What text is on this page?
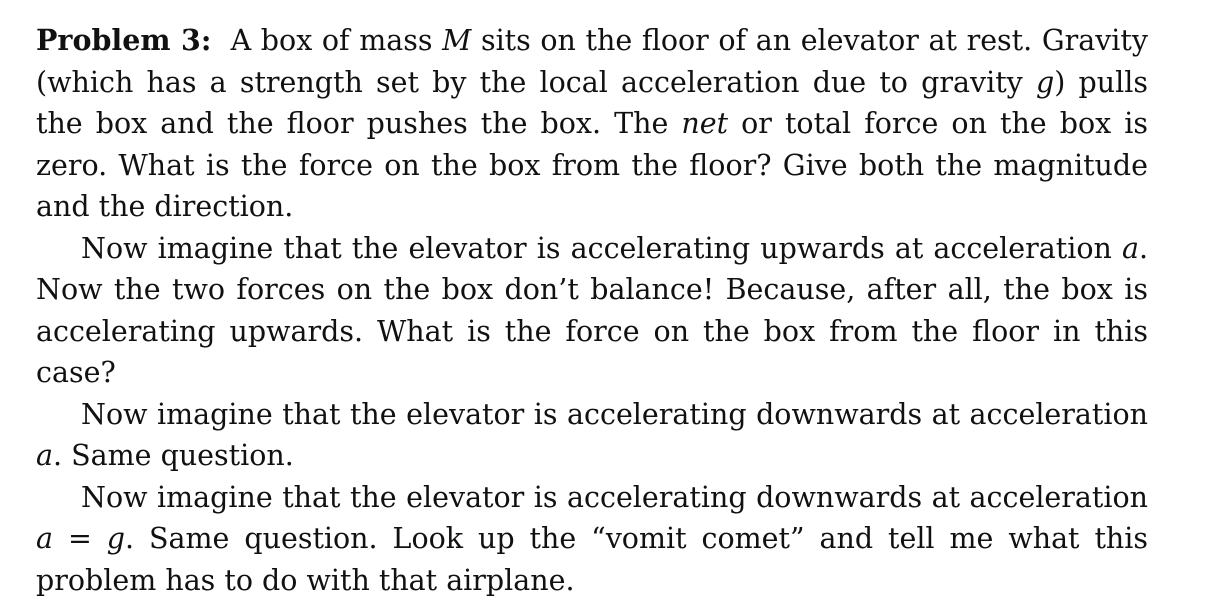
Problem 3: A box of mass M sits on the floor of an elevator at rest. Gravity (which has a strength set by the local acceleration due to gravity g) pulls the box and the floor pushes the box. The net or total force on the box is zero. What is the force on the box from the floor? Give both the magnitude and the direction.

Now imagine that the elevator is accelerating upwards at acceleration a. Now the two forces on the box don’t balance! Because, after all, the box is accelerating upwards. What is the force on the box from the floor in this case?

Now imagine that the elevator is accelerating downwards at acceleration a. Same question.

Now imagine that the elevator is accelerating downwards at acceleration a = g. Same question. Look up the “vomit comet” and tell me what this problem has to do with that airplane.
